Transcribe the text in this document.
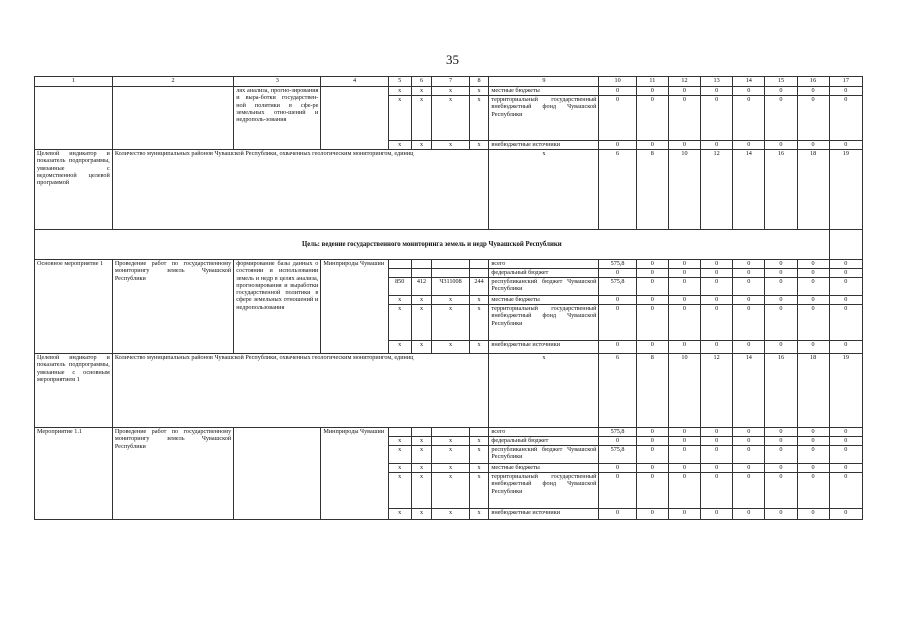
35
1	2	3	4	5	6	7	8	9	10	11	12	13	14	15	16	17
		лях анализа, прогно-зирования и выра-ботки государствен-ной политики в сфе-ре земельных отно-шений и недрополь-зования		x	x	x	x	местные бюджеты	0	0	0	0	0	0	0	0
				x	x	x	x	территориальный государственный внебюджетный фонд Чувашской Республики	0	0	0	0	0	0	0	0
				x	x	x	x	внебюджетные источники	0	0	0	0	0	0	0	0
Целевой индикатор и показатель подпрограммы, увязанные с ведомственной целевой программой	Количество муниципальных районов Чувашской Республики, охваченных геологическим мониторингом, единиц							x	6	8	10	12	14	16	18	19
Цель: ведение государственного мониторинга земель и недр Чувашской Республики																
Основное мероприятие 1	Проведение работ по государственному мониторингу земель Чувашской Республики	формирование базы данных о состоянии и использовании земель и недр в целях анализа, прогнозирования и выработки государственной политики в сфере земельных отношений и недропользования	Минприроды Чувашии					всего	575,8	0	0	0	0	0	0	0
								федеральный бюджет	0	0	0	0	0	0	0	0
				850	412	Ч311008	244	республиканский бюджет Чувашской Республики	575,8	0	0	0	0	0	0	0
				x	x	x	x	местные бюджеты	0	0	0	0	0	0	0	0
				x	x	x	x	территориальный государственный внебюджетный фонд Чувашской Республики	0	0	0	0	0	0	0	0
				x	x	x	x	внебюджетные источники	0	0	0	0	0	0	0	0
Целевой индикатор и показатель подпрограммы, увязанные с основным мероприятием 1	Количество муниципальных районов Чувашской Республики, охваченных геологическим мониторингом, единиц							x	6	8	10	12	14	16	18	19
Мероприятие 1.1	Проведение работ по государственному мониторингу земель Чувашской Республики		Минприроды Чувашии					всего	575,8	0	0	0	0	0	0	0
				x	x	x	x	федеральный бюджет	0	0	0	0	0	0	0	0
				x	x	x	x	республиканский бюджет Чувашской Республики	575,8	0	0	0	0	0	0	0
				x	x	x	x	местные бюджеты	0	0	0	0	0	0	0	0
				x	x	x	x	территориальный государственный внебюджетный фонд Чувашской Республики	0	0	0	0	0	0	0	0
				x	x	x	x	внебюджетные источники	0	0	0	0	0	0	0	0
